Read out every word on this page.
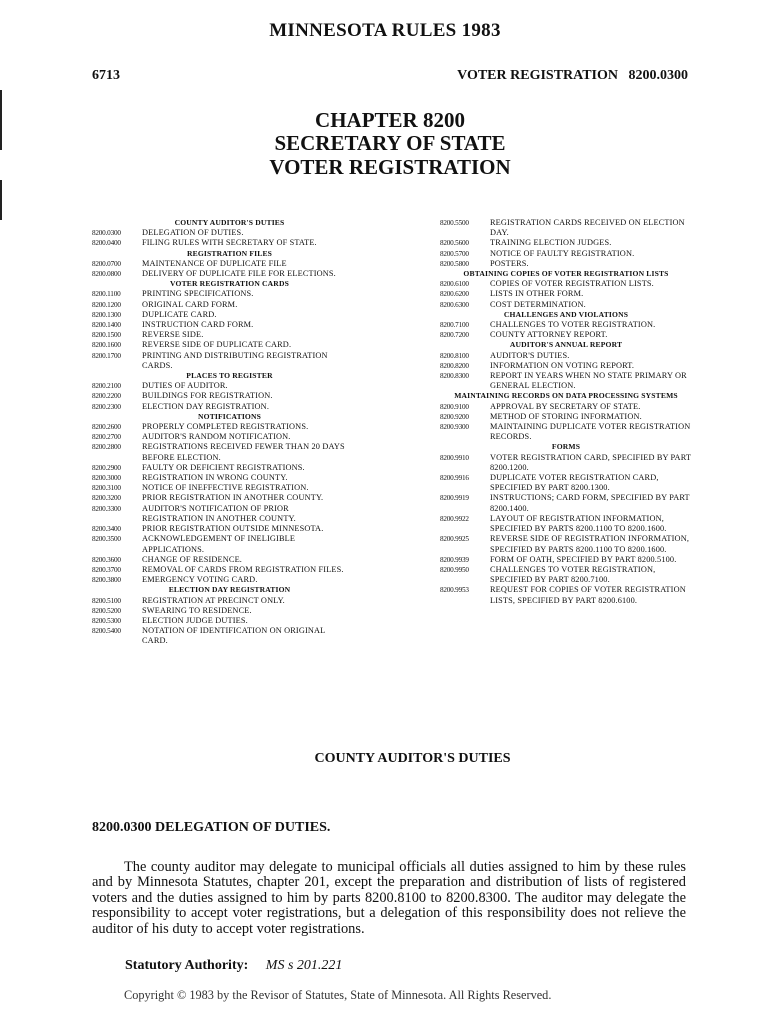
MINNESOTA RULES 1983
6713	VOTER REGISTRATION   8200.0300
CHAPTER 8200
SECRETARY OF STATE
VOTER REGISTRATION
COUNTY AUDITOR'S DUTIES
8200.0300	DELEGATION OF DUTIES.
8200.0400	FILING RULES WITH SECRETARY OF STATE.
REGISTRATION FILES
8200.0700	MAINTENANCE OF DUPLICATE FILE
8200.0800	DELIVERY OF DUPLICATE FILE FOR ELECTIONS.
VOTER REGISTRATION CARDS
8200.1100	PRINTING SPECIFICATIONS.
8200.1200	ORIGINAL CARD FORM.
8200.1300	DUPLICATE CARD.
8200.1400	INSTRUCTION CARD FORM.
8200.1500	REVERSE SIDE.
8200.1600	REVERSE SIDE OF DUPLICATE CARD.
8200.1700	PRINTING AND DISTRIBUTING REGISTRATION CARDS.
PLACES TO REGISTER
8200.2100	DUTIES OF AUDITOR.
8200.2200	BUILDINGS FOR REGISTRATION.
8200.2300	ELECTION DAY REGISTRATION.
NOTIFICATIONS
8200.2600	PROPERLY COMPLETED REGISTRATIONS.
8200.2700	AUDITOR'S RANDOM NOTIFICATION.
8200.2800	REGISTRATIONS RECEIVED FEWER THAN 20 DAYS BEFORE ELECTION.
8200.2900	FAULTY OR DEFICIENT REGISTRATIONS.
8200.3000	REGISTRATION IN WRONG COUNTY.
8200.3100	NOTICE OF INEFFECTIVE REGISTRATION.
8200.3200	PRIOR REGISTRATION IN ANOTHER COUNTY.
8200.3300	AUDITOR'S NOTIFICATION OF PRIOR REGISTRATION IN ANOTHER COUNTY.
8200.3400	PRIOR REGISTRATION OUTSIDE MINNESOTA.
8200.3500	ACKNOWLEDGEMENT OF INELIGIBLE APPLICATIONS.
8200.3600	CHANGE OF RESIDENCE.
8200.3700	REMOVAL OF CARDS FROM REGISTRATION FILES.
8200.3800	EMERGENCY VOTING CARD.
ELECTION DAY REGISTRATION
8200.5100	REGISTRATION AT PRECINCT ONLY.
8200.5200	SWEARING TO RESIDENCE.
8200.5300	ELECTION JUDGE DUTIES.
8200.5400	NOTATION OF IDENTIFICATION ON ORIGINAL CARD.
8200.5500	REGISTRATION CARDS RECEIVED ON ELECTION DAY.
8200.5600	TRAINING ELECTION JUDGES.
8200.5700	NOTICE OF FAULTY REGISTRATION.
8200.5800	POSTERS.
OBTAINING COPIES OF VOTER REGISTRATION LISTS
8200.6100	COPIES OF VOTER REGISTRATION LISTS.
8200.6200	LISTS IN OTHER FORM.
8200.6300	COST DETERMINATION.
CHALLENGES AND VIOLATIONS
8200.7100	CHALLENGES TO VOTER REGISTRATION.
8200.7200	COUNTY ATTORNEY REPORT.
AUDITOR'S ANNUAL REPORT
8200.8100	AUDITOR'S DUTIES.
8200.8200	INFORMATION ON VOTING REPORT.
8200.8300	REPORT IN YEARS WHEN NO STATE PRIMARY OR GENERAL ELECTION.
MAINTAINING RECORDS ON DATA PROCESSING SYSTEMS
8200.9100	APPROVAL BY SECRETARY OF STATE.
8200.9200	METHOD OF STORING INFORMATION.
8200.9300	MAINTAINING DUPLICATE VOTER REGISTRATION RECORDS.
FORMS
8200.9910	VOTER REGISTRATION CARD, SPECIFIED BY PART 8200.1200.
8200.9916	DUPLICATE VOTER REGISTRATION CARD, SPECIFIED BY PART 8200.1300.
8200.9919	INSTRUCTIONS; CARD FORM, SPECIFIED BY PART 8200.1400.
8200.9922	LAYOUT OF REGISTRATION INFORMATION, SPECIFIED BY PARTS 8200.1100 TO 8200.1600.
8200.9925	REVERSE SIDE OF REGISTRATION INFORMATION, SPECIFIED BY PARTS 8200.1100 TO 8200.1600.
8200.9939	FORM OF OATH, SPECIFIED BY PART 8200.5100.
8200.9950	CHALLENGES TO VOTER REGISTRATION, SPECIFIED BY PART 8200.7100.
8200.9953	REQUEST FOR COPIES OF VOTER REGISTRATION LISTS, SPECIFIED BY PART 8200.6100.
COUNTY AUDITOR'S DUTIES
8200.0300 DELEGATION OF DUTIES.
The county auditor may delegate to municipal officials all duties assigned to him by these rules and by Minnesota Statutes, chapter 201, except the preparation and distribution of lists of registered voters and the duties assigned to him by parts 8200.8100 to 8200.8300. The auditor may delegate the responsibility to accept voter registrations, but a delegation of this responsibility does not relieve the auditor of his duty to accept voter registrations.
Statutory Authority: MS s 201.221
Copyright © 1983 by the Revisor of Statutes, State of Minnesota. All Rights Reserved.
